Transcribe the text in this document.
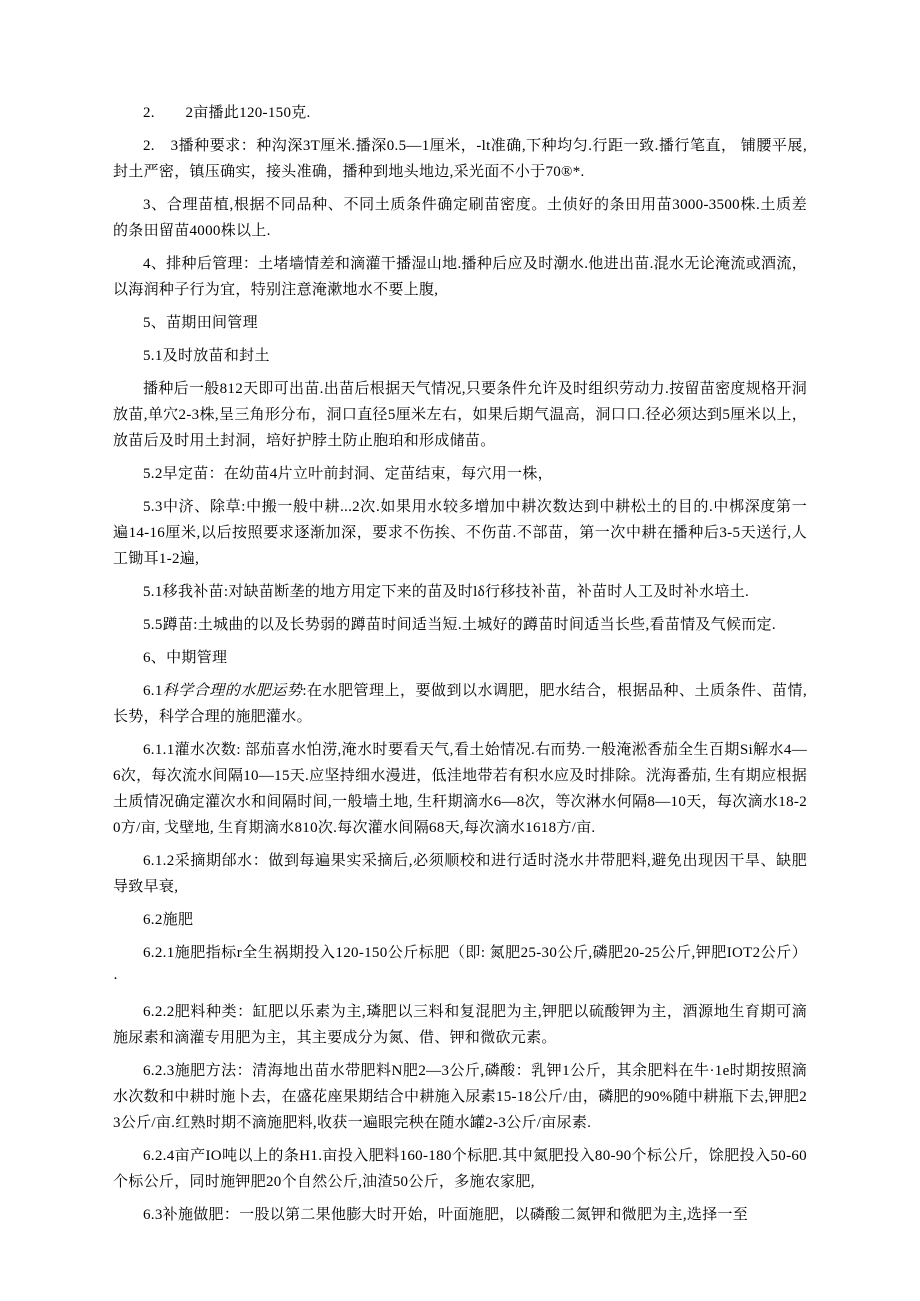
2.　　2亩播此120-150克.

2.　3播种要求：种沟深3T厘米.播深0.5—1厘米，-lt准确,下种均匀.行距一致.播行笔直， 铺腰平展,封土严密，镇压确实，接头准确，播种到地头地边,采光面不小于70®*.

3、合理苗植,根据不同品种、不同土质条件确定刷苗密度。土侦好的条田用苗3000-3500株.土质差的条田留苗4000株以上.

4、排种后管理：土堵墙情差和滴灌干播湿山地.播种后应及时潮水.他进出苗.混水无论淹流或酒流，以海润种子行为宜，特别注意淹漱地水不要上腹,

5、苗期田间管理

5.1及时放苗和封土

播种后一般812天即可出苗.出苗后根据天气情况,只要条件允许及时组织劳动力.按留苗密度规格开洞放苗,单穴2-3株,呈三角形分布，洞口直径5厘米左右，如果后期气温高，洞口口.径必须达到5厘米以上，放苗后及时用土封洞，培好护脖土防止胞珀和形成储苗。

5.2早定苗：在幼苗4片立叶前封洞、定苗结束，每穴用一株，

5.3中济、除草:中搬一般中耕...2次.如果用水较多增加中耕次数达到中耕松土的目的.中梆深度第一遍14-16厘米,以后按照要求逐渐加深，要求不伤挨、不伤苗.不部苗，第一次中耕在播种后3-5天送行,人工锄耳1-2遍,

5.1移我补苗:对缺苗断垄的地方用定下来的苗及时lδ行移技补苗，补苗时人工及时补水培土.

5.5蹲苗:土城曲的以及长势弱的蹲苗时间适当短.土城好的蹲苗时间适当长些,看苗情及气候而定.

6、中期管理

6.1科学合理的水肥运势:在水肥管理上，要做到以水调肥，肥水结合，根据品种、土质条件、苗情,长势，科学合理的施肥灌水。

6.1.1灌水次数: 部茄喜水怕涝,淹水时要看天气,看土始情况.右而势.一般淹淞香茄全生百期Si解水4—6次，每次流水间隔10—15天.应坚持细水漫进，低洼地带若有积水应及时排除。洸海番茄, 生有期应根据土质情况确定灌次水和间隔时间,一般墙土地, 生秆期滴水6—8次，等次淋水何隔8—10天，每次滴水18-20方/亩, 戈壁地, 生育期滴水810次.每次灌水间隔68天,每次滴水1618方/亩.

6.1.2采摘期邰水：做到每遍果实采摘后,必须顺校和进行适时浇水井带肥料,避免出现因干旱、缺肥导致早衰,

6.2施肥

6.2.1施肥指标r全生祸期投入120-150公斤标肥（即: 氮肥25-30公斤,磷肥20-25公斤,钾肥IOT2公斤） ·

6.2.2肥料种类：缸肥以乐素为主,璘肥以三料和复混肥为主,钾肥以硫酸钾为主，酒源地生育期可滴施尿素和滴灌专用肥为主，其主要成分为氮、借、钾和微砍元素。

6.2.3施肥方法：清海地出苗水带肥料N肥2—3公斤,磷酸：乳钾1公斤，其余肥料在牛·1e时期按照滴水次数和中耕时施卜去，在盛花座果期结合中耕施入尿素15-18公斤/由，磷肥的90%随中耕瓶下去,钾肥23公斤/亩.红熟时期不滴施肥料,收获一遍眼完秧在随水罐2-3公斤/亩尿素.

6.2.4亩产IO吨以上的条H1.亩投入肥料160-180个标肥.其中氮肥投入80-90个标公斤，馀肥投入50-60个标公斤，同时施钾肥20个自然公斤,油渣50公斤，多施农家肥,

6.3补施做肥：一股以第二果他膨大时开始，叶面施肥，以磷酸二氮钾和微肥为主,选择一至
